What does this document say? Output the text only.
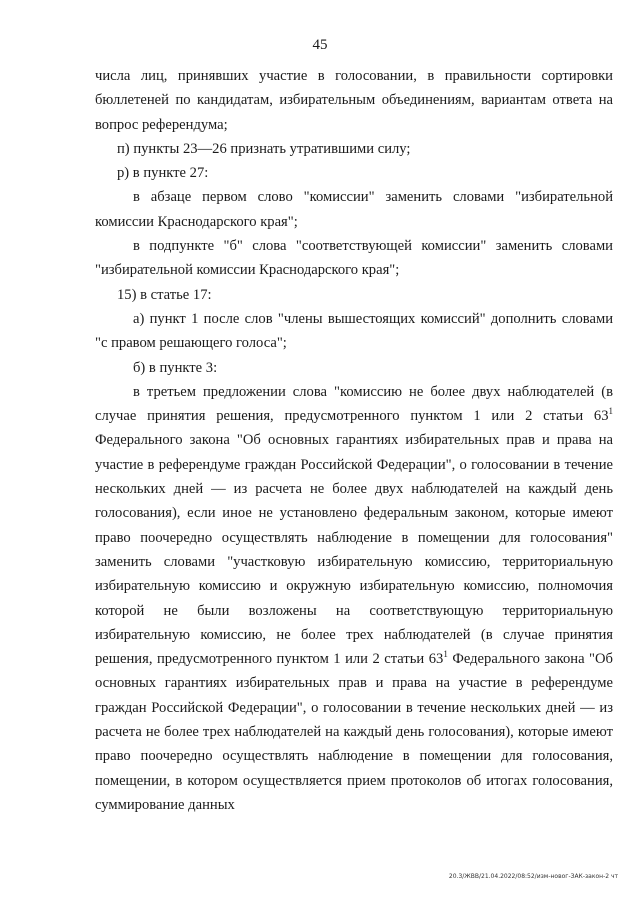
45

числа лиц, принявших участие в голосовании, в правильности сортировки бюллетеней по кандидатам, избирательным объединениям, вариантам ответа на вопрос референдума;

п) пункты 23—26 признать утратившими силу;

р) в пункте 27:

в абзаце первом слово "комиссии" заменить словами "избирательной комиссии Краснодарского края";

в подпункте "б" слова "соответствующей комиссии" заменить словами "избирательной комиссии Краснодарского края";

15) в статье 17:

а) пункт 1 после слов "члены вышестоящих комиссий" дополнить словами "с правом решающего голоса";

б) в пункте 3:

в третьем предложении слова "комиссию не более двух наблюдателей (в случае принятия решения, предусмотренного пунктом 1 или 2 статьи $63^1$ Федерального закона "Об основных гарантиях избирательных прав и права на участие в референдуме граждан Российской Федерации", о голосовании в течение нескольких дней — из расчета не более двух наблюдателей на каждый день голосования), если иное не установлено федеральным законом, которые имеют право поочередно осуществлять наблюдение в помещении для голосования" заменить словами "участковую избирательную комиссию, территориальную избирательную комиссию и окружную избирательную комиссию, полномочия которой не были возложены на соответствующую территориальную избирательную комиссию, не более трех наблюдателей (в случае принятия решения, предусмотренного пунктом 1 или 2 статьи $63^1$ Федерального закона "Об основных гарантиях избирательных прав и права на участие в референдуме граждан Российской Федерации", о голосовании в течение нескольких дней — из расчета не более трех наблюдателей на каждый день голосования), которые имеют право поочередно осуществлять наблюдение в помещении для голосования, помещении, в котором осуществляется прием протоколов об итогах голосования, суммирование данных

20.3/ЖВВ/21.04.2022/08:52/изм-новог-ЗАК-закон-2 чт
